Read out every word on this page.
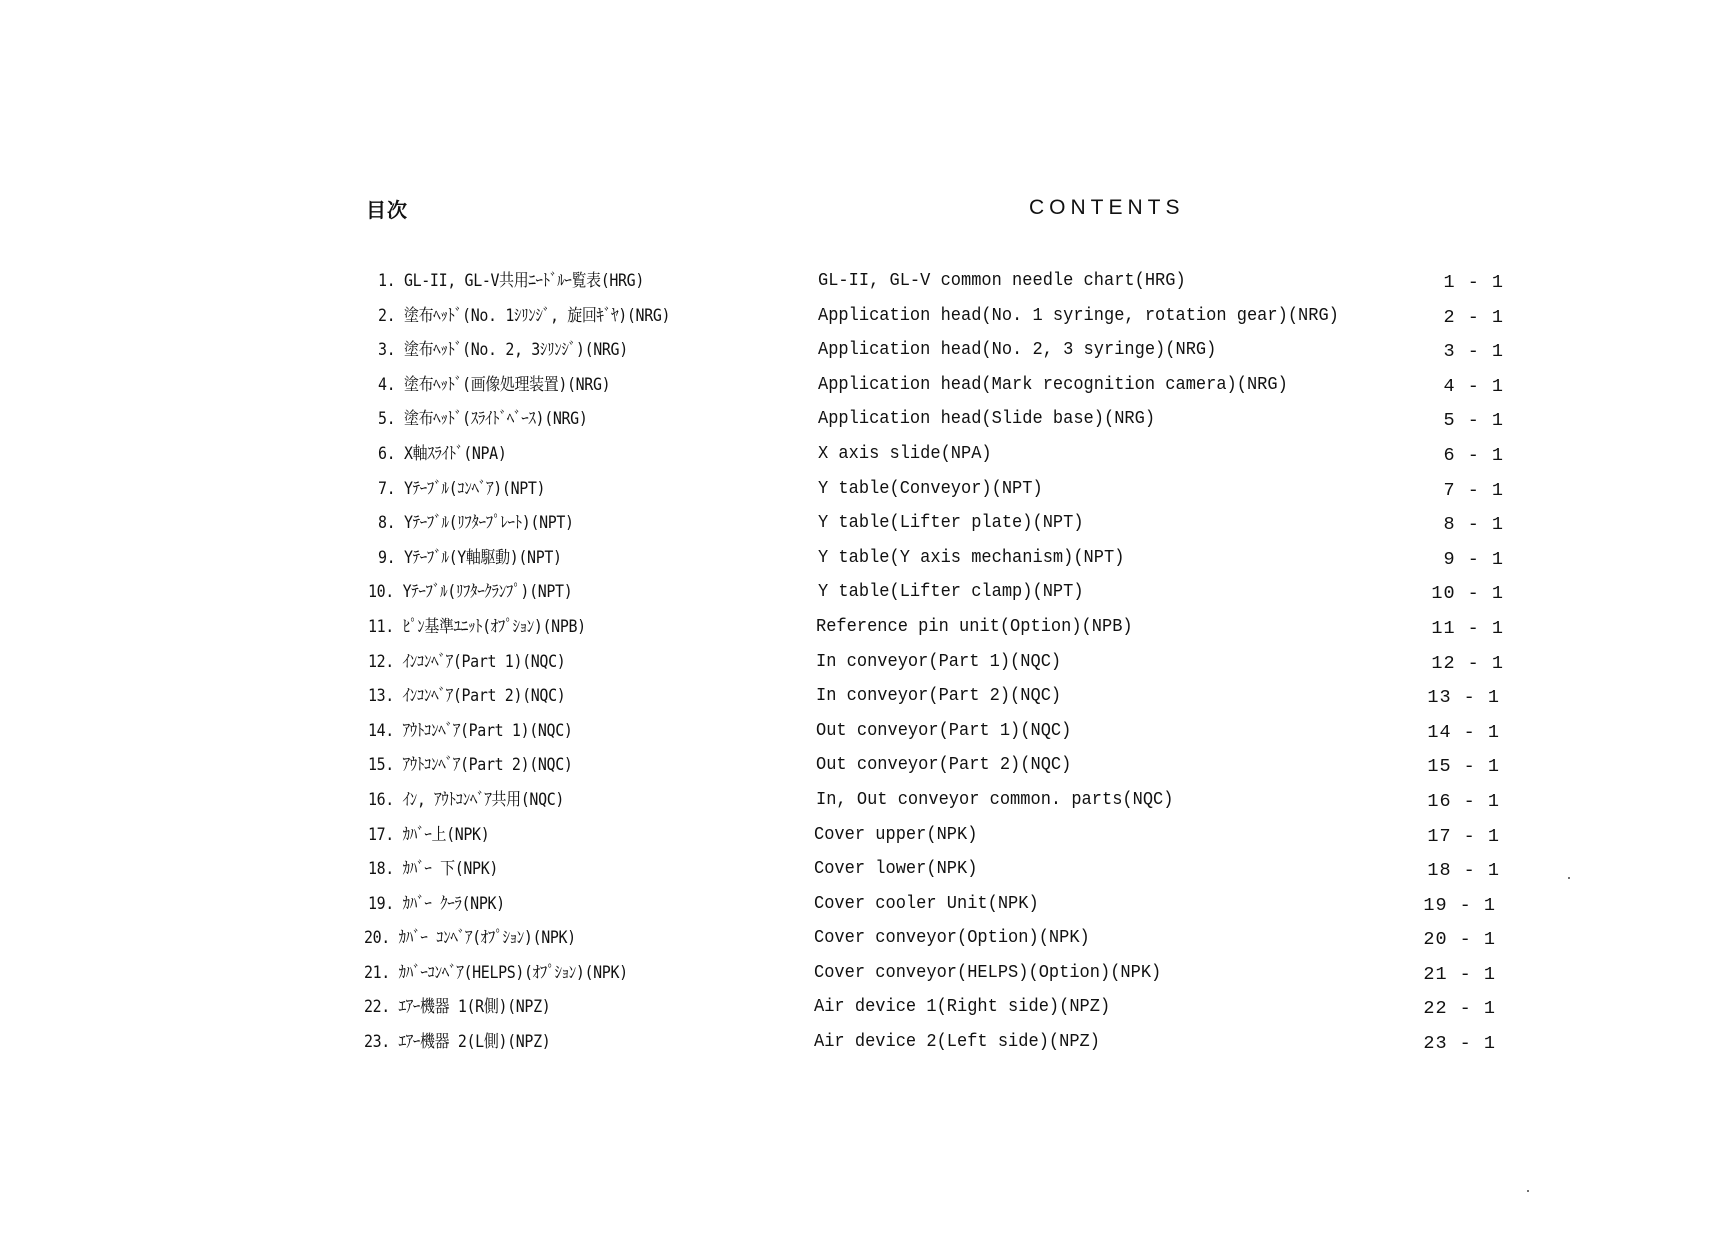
目次	CONTENTS
1. GL-II, GL-V共用ﾆｰﾄﾞﾙｰ覧表(HRG)	GL-II, GL-V common needle chart(HRG)	1 - 1
2. 塗布ﾍｯﾄﾞ(No. 1ｼﾘﾝｼﾞ, 旋回ｷﾞﾔ)(NRG)	Application head(No. 1 syringe, rotation gear)(NRG)	2 - 1
3. 塗布ﾍｯﾄﾞ(No. 2, 3ｼﾘﾝｼﾞ)(NRG)	Application head(No. 2, 3 syringe)(NRG)	3 - 1
4. 塗布ﾍｯﾄﾞ(画像処理装置)(NRG)	Application head(Mark recognition camera)(NRG)	4 - 1
5. 塗布ﾍｯﾄﾞ(ｽﾗｲﾄﾞﾍﾞｰｽ)(NRG)	Application head(Slide base)(NRG)	5 - 1
6. X軸ｽﾗｲﾄﾞ(NPA)	X axis slide(NPA)	6 - 1
7. Yﾃｰﾌﾞﾙ(ｺﾝﾍﾞｱ)(NPT)	Y table(Conveyor)(NPT)	7 - 1
8. Yﾃｰﾌﾞﾙ(ﾘﾌﾀｰﾌﾟﾚｰﾄ)(NPT)	Y table(Lifter plate)(NPT)	8 - 1
9. Yﾃｰﾌﾞﾙ(Y軸駆動)(NPT)	Y table(Y axis mechanism)(NPT)	9 - 1
10. Yﾃｰﾌﾞﾙ(ﾘﾌﾀｰｸﾗﾝﾌﾟ)(NPT)	Y table(Lifter clamp)(NPT)	10 - 1
11. ﾋﾟﾝ基準ﾕﾆｯﾄ(ｵﾌﾟｼｮﾝ)(NPB)	Reference pin unit(Option)(NPB)	11 - 1
12. ｲﾝｺﾝﾍﾞｱ(Part 1)(NQC)	In conveyor(Part 1)(NQC)	12 - 1
13. ｲﾝｺﾝﾍﾞｱ(Part 2)(NQC)	In conveyor(Part 2)(NQC)	13 - 1
14. ｱｳﾄｺﾝﾍﾞｱ(Part 1)(NQC)	Out conveyor(Part 1)(NQC)	14 - 1
15. ｱｳﾄｺﾝﾍﾞｱ(Part 2)(NQC)	Out conveyor(Part 2)(NQC)	15 - 1
16. ｲﾝ, ｱｳﾄｺﾝﾍﾞｱ共用(NQC)	In, Out conveyor common. parts(NQC)	16 - 1
17. ｶﾊﾞｰ上(NPK)	Cover upper(NPK)	17 - 1
18. ｶﾊﾞｰ 下(NPK)	Cover lower(NPK)	18 - 1
19. ｶﾊﾞｰ ｸｰﾗ(NPK)	Cover cooler Unit(NPK)	19 - 1
20. ｶﾊﾞｰ ｺﾝﾍﾞｱ(ｵﾌﾟｼｮﾝ)(NPK)	Cover conveyor(Option)(NPK)	20 - 1
21. ｶﾊﾞｰｺﾝﾍﾞｱ(HELPS)(ｵﾌﾟｼｮﾝ)(NPK)	Cover conveyor(HELPS)(Option)(NPK)	21 - 1
22. ｴｱｰ機器 1(R側)(NPZ)	Air device 1(Right side)(NPZ)	22 - 1
23. ｴｱｰ機器 2(L側)(NPZ)	Air device 2(Left side)(NPZ)	23 - 1
